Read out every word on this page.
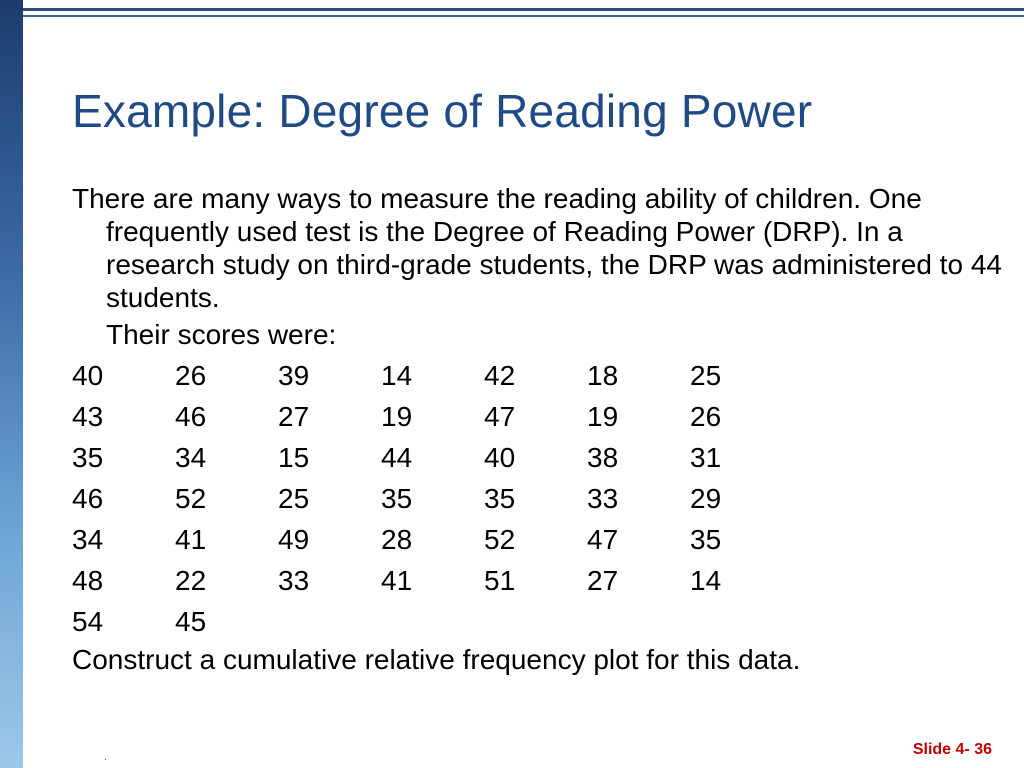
Example: Degree of Reading Power

There are many ways to measure the reading ability of children. One frequently used test is the Degree of Reading Power (DRP). In a research study on third-grade students, the DRP was administered to 44 students.

Their scores were:

40	26	39	14	42	18	25
43	46	27	19	47	19	26
35	34	15	44	40	38	31
46	52	25	35	35	33	29
34	41	49	28	52	47	35
48	22	33	41	51	27	14
54	45

Construct a cumulative relative frequency plot for this data.

.	Slide 4- 36
